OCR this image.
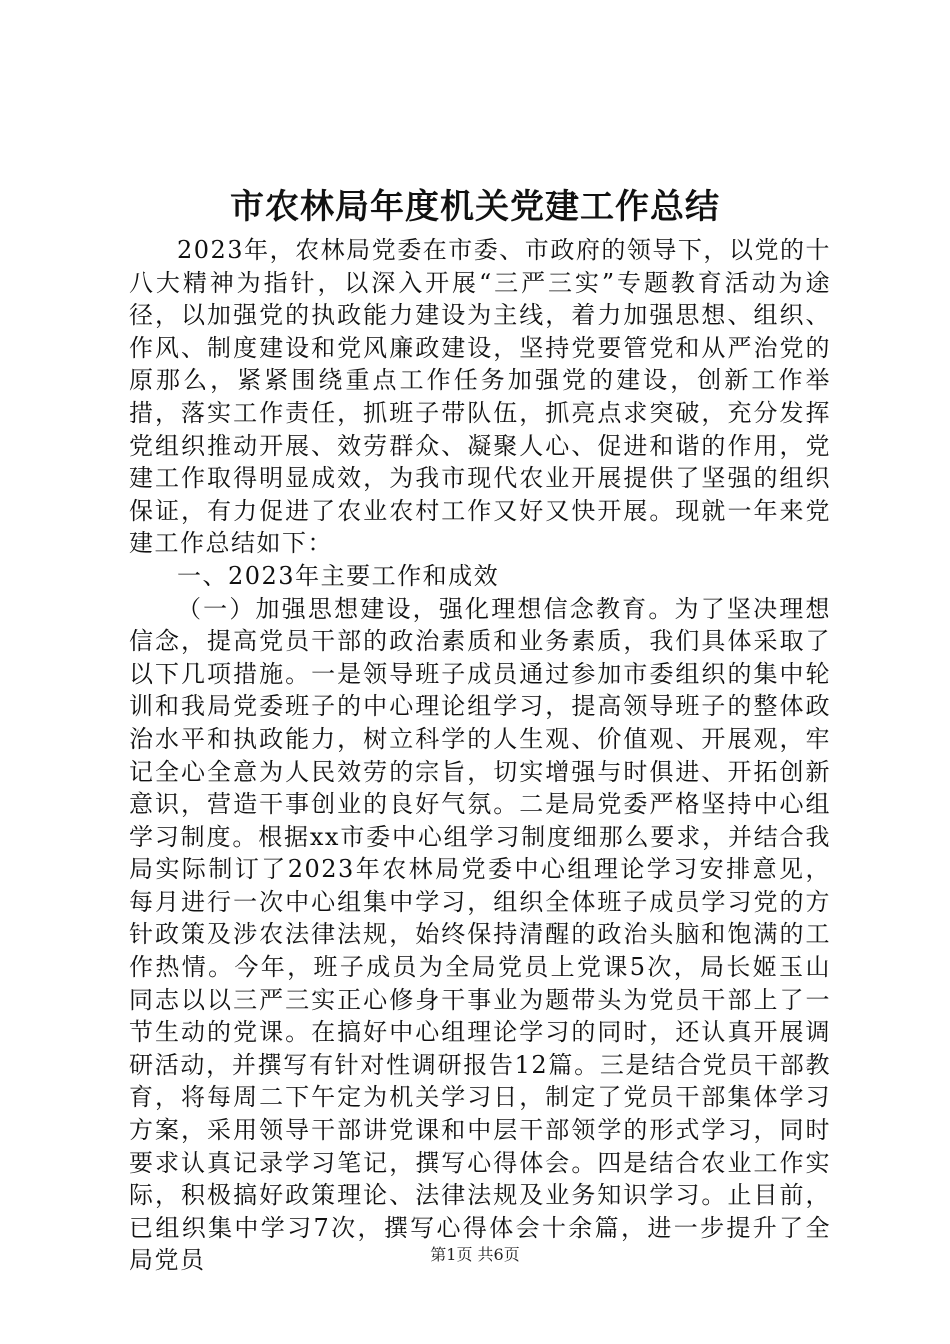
市农林局年度机关党建工作总结

2023年，农林局党委在市委、市政府的领导下，以党的十八大精神为指针，以深入开展“三严三实”专题教育活动为途径，以加强党的执政能力建设为主线，着力加强思想、组织、作风、制度建设和党风廉政建设，坚持党要管党和从严治党的原那么，紧紧围绕重点工作任务加强党的建设，创新工作举措，落实工作责任，抓班子带队伍，抓亮点求突破，充分发挥党组织推动开展、效劳群众、凝聚人心、促进和谐的作用，党建工作取得明显成效，为我市现代农业开展提供了坚强的组织保证，有力促进了农业农村工作又好又快开展。现就一年来党建工作总结如下：

一、2023年主要工作和成效

（一）加强思想建设，强化理想信念教育。为了坚决理想信念，提高党员干部的政治素质和业务素质，我们具体采取了以下几项措施。一是领导班子成员通过参加市委组织的集中轮训和我局党委班子的中心理论组学习，提高领导班子的整体政治水平和执政能力，树立科学的人生观、价值观、开展观，牢记全心全意为人民效劳的宗旨，切实增强与时俱进、开拓创新意识，营造干事创业的良好气氛。二是局党委严格坚持中心组学习制度。根据xx市委中心组学习制度细那么要求，并结合我局实际制订了2023年农林局党委中心组理论学习安排意见，每月进行一次中心组集中学习，组织全体班子成员学习党的方针政策及涉农法律法规，始终保持清醒的政治头脑和饱满的工作热情。今年，班子成员为全局党员上党课5次，局长姬玉山同志以以三严三实正心修身干事业为题带头为党员干部上了一节生动的党课。在搞好中心组理论学习的同时，还认真开展调研活动，并撰写有针对性调研报告12篇。三是结合党员干部教育，将每周二下午定为机关学习日，制定了党员干部集体学习方案，采用领导干部讲党课和中层干部领学的形式学习，同时要求认真记录学习笔记，撰写心得体会。四是结合农业工作实际，积极搞好政策理论、法律法规及业务知识学习。止目前，已组织集中学习7次，撰写心得体会十余篇，进一步提升了全局党员	第1页 共6页
